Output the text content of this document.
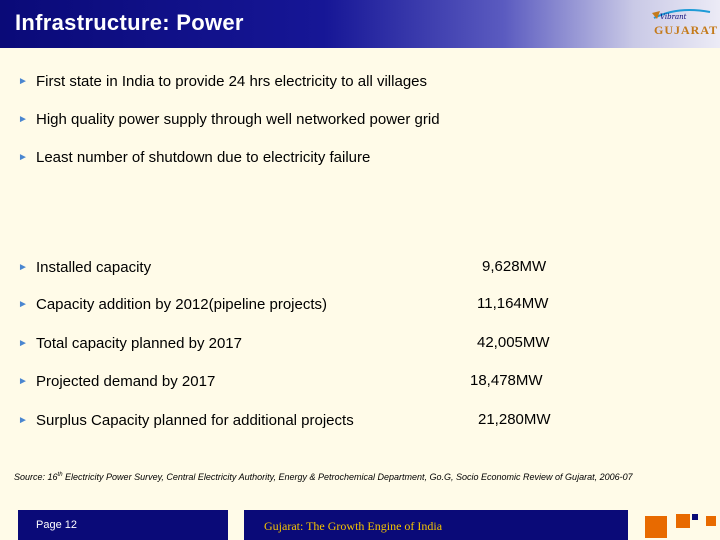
Infrastructure: Power	Vibrant
GUJARAT
► First state in India to provide 24 hrs electricity to all villages
► High quality power supply through well networked power grid
► Least number of shutdown due to electricity failure
► Installed capacity	9,628MW
► Capacity addition by 2012(pipeline projects)	11,164MW
► Total capacity planned by 2017	42,005MW
► Projected demand by 2017	18,478MW
► Surplus Capacity planned for additional projects	21,280MW
Source: 16th Electricity Power Survey, Central Electricity Authority, Energy & Petrochemical Department, Go.G, Socio Economic Review of Gujarat, 2006-07
Page 12	Gujarat: The Growth Engine of India
